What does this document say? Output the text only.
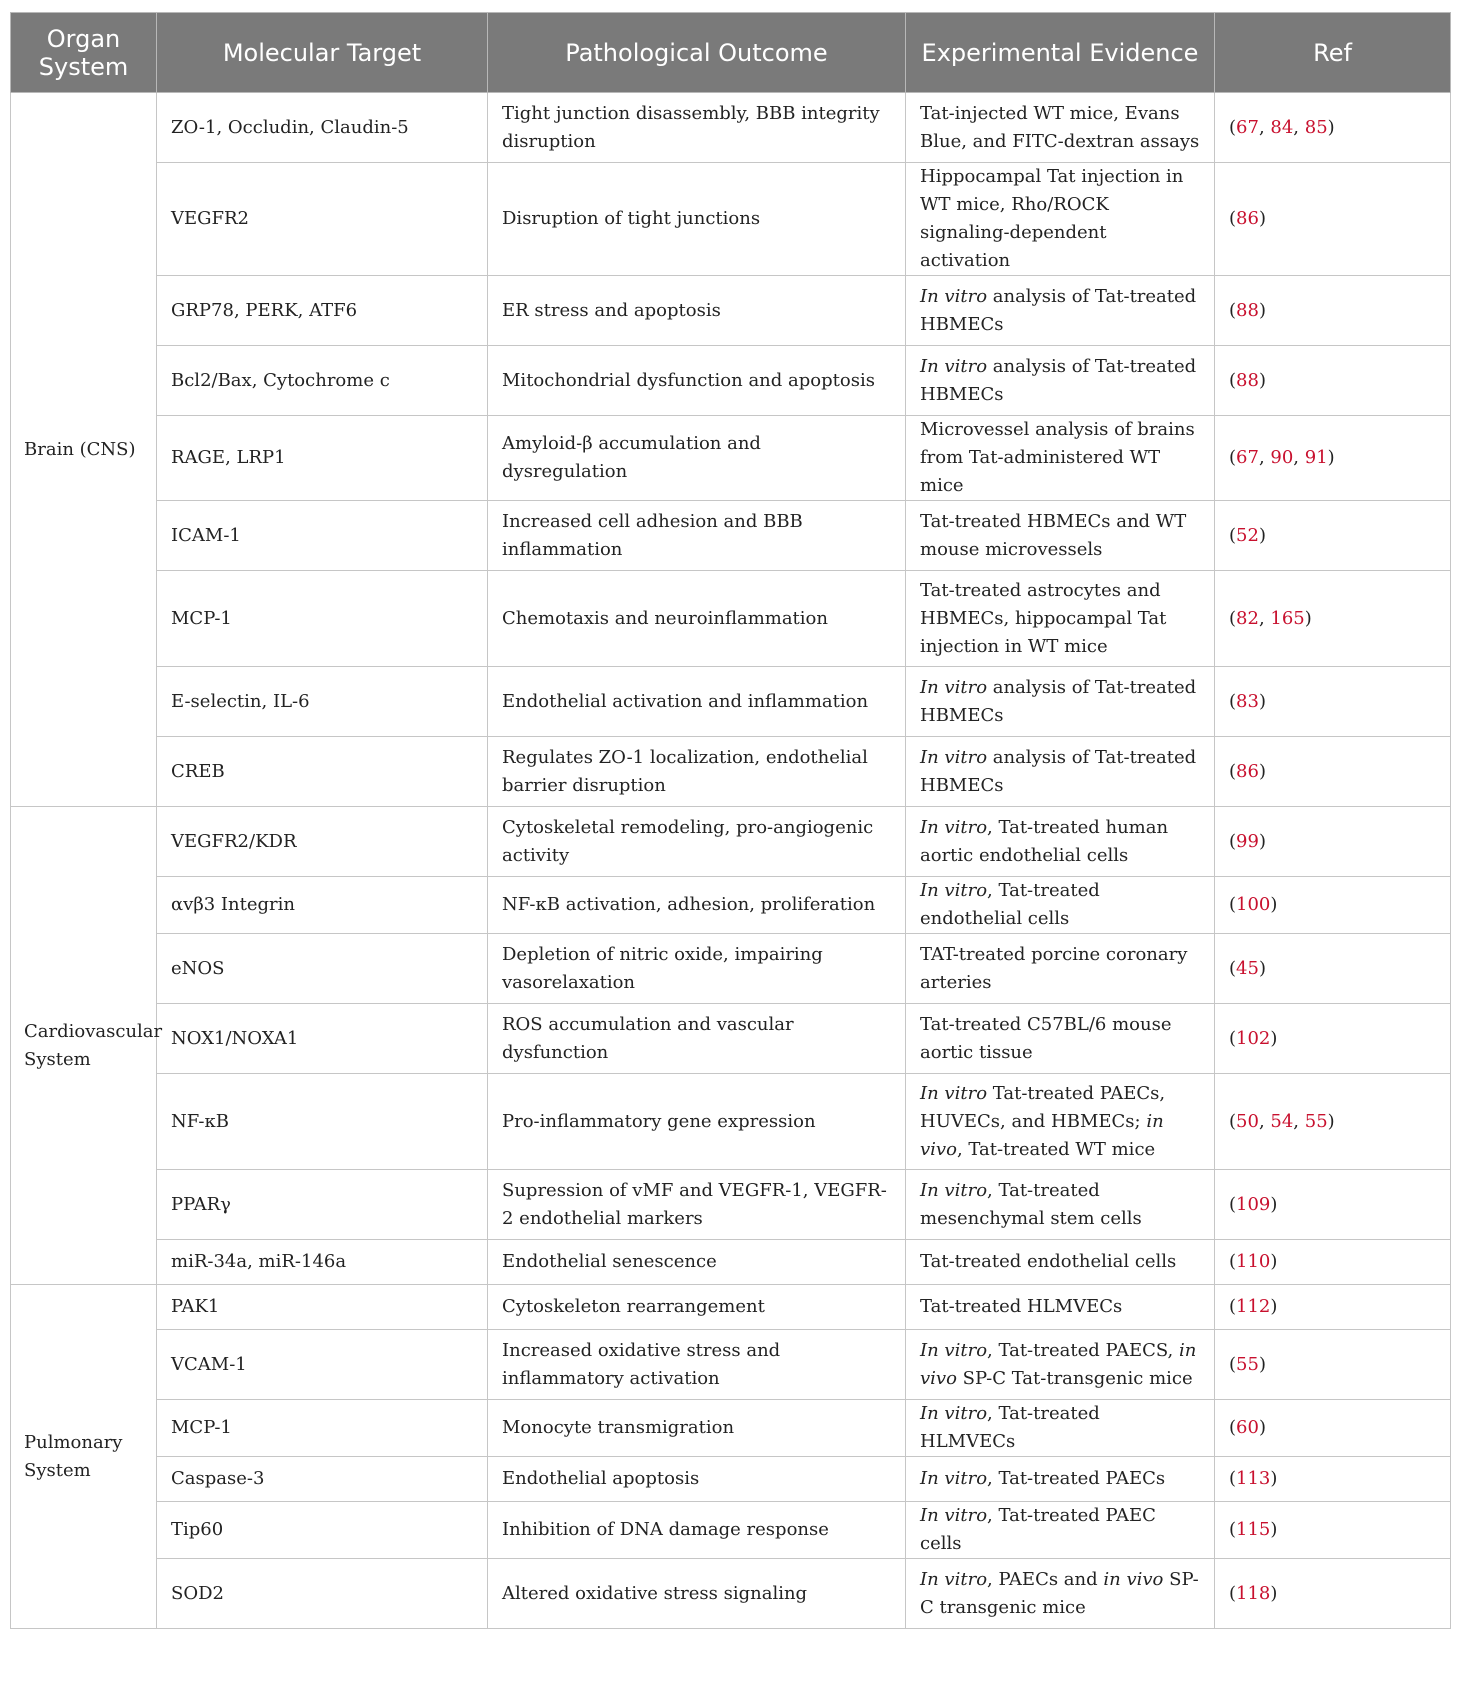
Organ System	Molecular Target	Pathological Outcome	Experimental Evidence	Ref
Brain (CNS)	ZO-1, Occludin, Claudin-5	Tight junction disassembly, BBB integrity disruption	Tat-injected WT mice, Evans Blue, and FITC-dextran assays	(67, 84, 85)
	VEGFR2	Disruption of tight junctions	Hippocampal Tat injection in WT mice, Rho/ROCK signaling-dependent activation	(86)
	GRP78, PERK, ATF6	ER stress and apoptosis	In vitro analysis of Tat-treated HBMECs	(88)
	Bcl2/Bax, Cytochrome c	Mitochondrial dysfunction and apoptosis	In vitro analysis of Tat-treated HBMECs	(88)
	RAGE, LRP1	Amyloid-β accumulation and dysregulation	Microvessel analysis of brains from Tat-administered WT mice	(67, 90, 91)
	ICAM-1	Increased cell adhesion and BBB inflammation	Tat-treated HBMECs and WT mouse microvessels	(52)
	MCP-1	Chemotaxis and neuroinflammation	Tat-treated astrocytes and HBMECs, hippocampal Tat injection in WT mice	(82, 165)
	E-selectin, IL-6	Endothelial activation and inflammation	In vitro analysis of Tat-treated HBMECs	(83)
	CREB	Regulates ZO-1 localization, endothelial barrier disruption	In vitro analysis of Tat-treated HBMECs	(86)
Cardiovascular System	VEGFR2/KDR	Cytoskeletal remodeling, pro-angiogenic activity	In vitro, Tat-treated human aortic endothelial cells	(99)
	αvβ3 Integrin	NF-κB activation, adhesion, proliferation	In vitro, Tat-treated endothelial cells	(100)
	eNOS	Depletion of nitric oxide, impairing vasorelaxation	TAT-treated porcine coronary arteries	(45)
	NOX1/NOXA1	ROS accumulation and vascular dysfunction	Tat-treated C57BL/6 mouse aortic tissue	(102)
	NF-κB	Pro-inflammatory gene expression	In vitro Tat-treated PAECs, HUVECs, and HBMECs; in vivo, Tat-treated WT mice	(50, 54, 55)
	PPARγ	Supression of vMF and VEGFR-1, VEGFR-2 endothelial markers	In vitro, Tat-treated mesenchymal stem cells	(109)
	miR-34a, miR-146a	Endothelial senescence	Tat-treated endothelial cells	(110)
Pulmonary System	PAK1	Cytoskeleton rearrangement	Tat-treated HLMVECs	(112)
	VCAM-1	Increased oxidative stress and inflammatory activation	In vitro, Tat-treated PAECS, in vivo SP-C Tat-transgenic mice	(55)
	MCP-1	Monocyte transmigration	In vitro, Tat-treated HLMVECs	(60)
	Caspase-3	Endothelial apoptosis	In vitro, Tat-treated PAECs	(113)
	Tip60	Inhibition of DNA damage response	In vitro, Tat-treated PAEC cells	(115)
	SOD2	Altered oxidative stress signaling	In vitro, PAECs and in vivo SP-C transgenic mice	(118)
